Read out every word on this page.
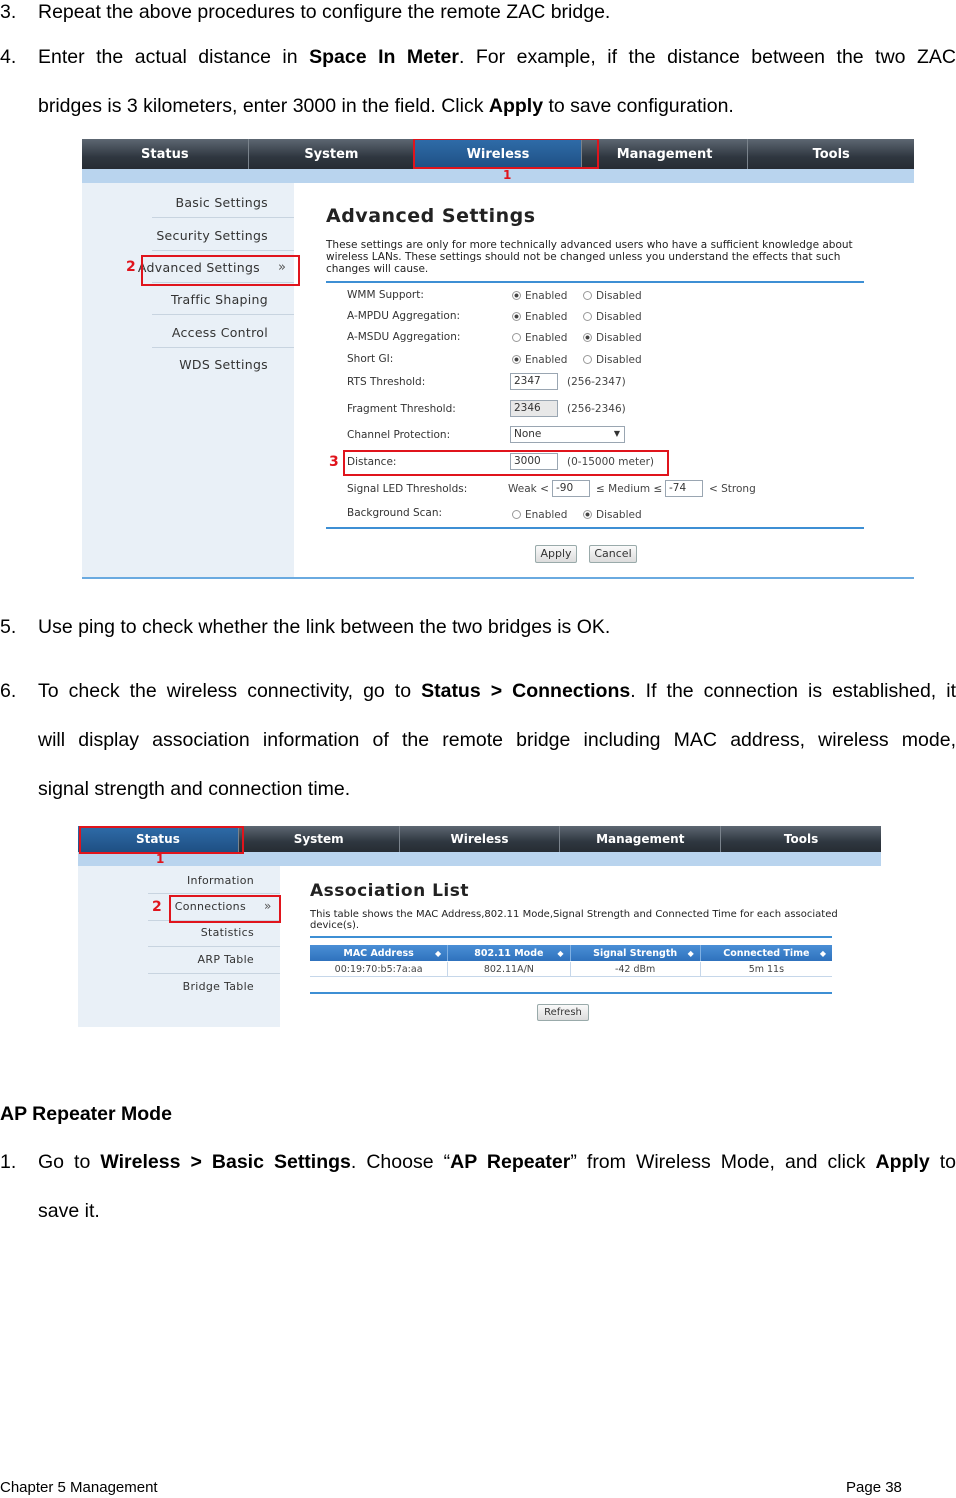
3. Repeat the above procedures to configure the remote ZAC bridge.

4. Enter the actual distance in Space In Meter. For example, if the distance between the two ZAC
bridges is 3 kilometers, enter 3000 in the field. Click Apply to save configuration.
Status	System	Wireless	Management	Tools
1
Basic Settings
Security Settings
Advanced Settings »
Traffic Shaping
Access Control
WDS Settings
2
Advanced Settings
These settings are only for more technically advanced users who have a sufficient knowledge about wireless LANs. These settings should not be changed unless you understand the effects that such changes will cause.
WMM Support:	Enabled	Disabled
A-MPDU Aggregation:	Enabled	Disabled
A-MSDU Aggregation:	Enabled	Disabled
Short GI:	Enabled	Disabled
RTS Threshold:	2347	(256-2347)
Fragment Threshold:	2346	(256-2346)
Channel Protection:	None	▼
Distance:	3000	(0-15000 meter)
Signal LED Thresholds:	Weak < -90	≤ Medium ≤ -74	< Strong
Background Scan:	Enabled	Disabled
Apply	Cancel
3

5. Use ping to check whether the link between the two bridges is OK.

6. To check the wireless connectivity, go to Status > Connections. If the connection is established, it
will display association information of the remote bridge including MAC address, wireless mode,
signal strength and connection time.
Status	System	Wireless	Management	Tools
1
Information
Connections »
Statistics
ARP Table
Bridge Table
2
Association List
This table shows the MAC Address,802.11 Mode,Signal Strength and Connected Time for each associated device(s).
MAC Address	◆	802.11 Mode ◆	Signal Strength ◆	Connected Time ◆
00:19:70:b5:7a:aa	802.11A/N	-42 dBm	5m 11s
Refresh
AP Repeater Mode
1. Go to Wireless > Basic Settings. Choose “AP Repeater” from Wireless Mode, and click Apply to
save it.
Chapter 5 Management	Page 38
